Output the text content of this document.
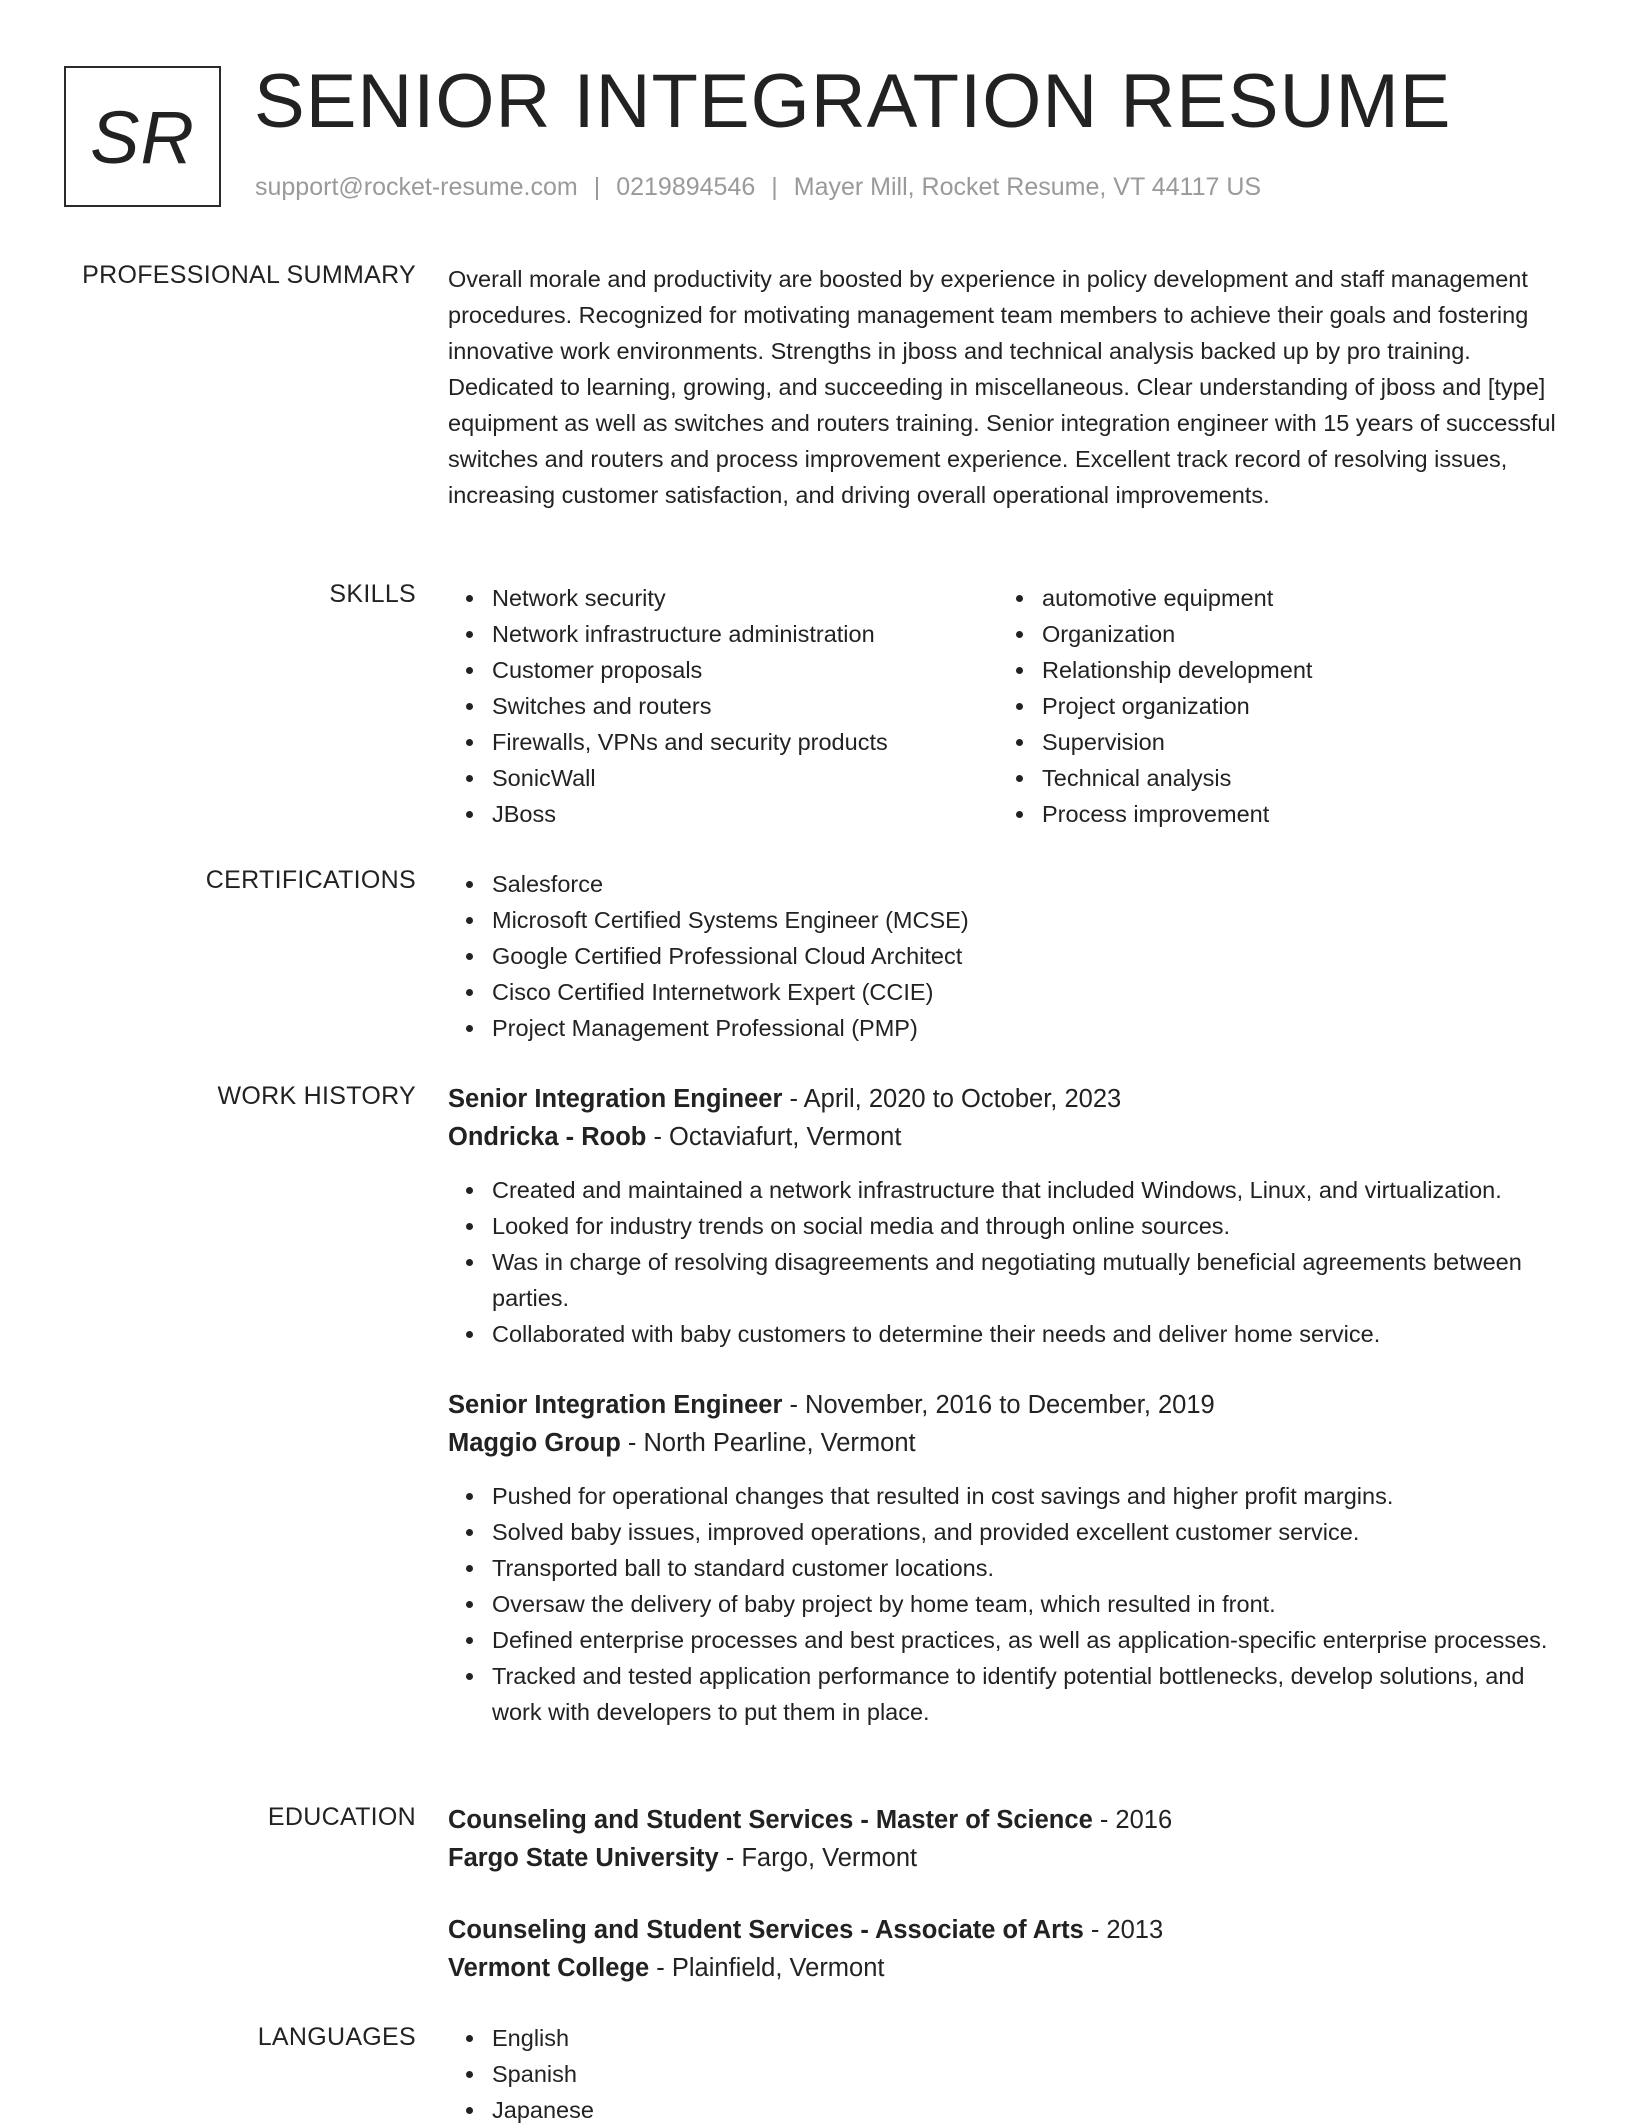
SR SENIOR INTEGRATION RESUME
support@rocket-resume.com | 0219894546 | Mayer Mill, Rocket Resume, VT 44117 US
PROFESSIONAL SUMMARY Overall morale and productivity are boosted by experience in policy development and staff management procedures. Recognized for motivating management team members to achieve their goals and fostering innovative work environments. Strengths in jboss and technical analysis backed up by pro training. Dedicated to learning, growing, and succeeding in miscellaneous. Clear understanding of jboss and [type] equipment as well as switches and routers training. Senior integration engineer with 15 years of successful switches and routers and process improvement experience. Excellent track record of resolving issues, increasing customer satisfaction, and driving overall operational improvements.

SKILLS	Network security
Network infrastructure administration
Customer proposals
Switches and routers
Firewalls, VPNs and security products
SonicWall
JBoss
automotive equipment
Organization
Relationship development
Project organization
Supervision
Technical analysis
Process improvement
CERTIFICATIONS	Salesforce
Microsoft Certified Systems Engineer (MCSE)
Google Certified Professional Cloud Architect
Cisco Certified Internetwork Expert (CCIE)
Project Management Professional (PMP)
WORK HISTORY Senior Integration Engineer - April, 2020 to October, 2023
Ondricka - Roob - Octaviafurt, Vermont
Created and maintained a network infrastructure that included Windows, Linux, and virtualization.
Looked for industry trends on social media and through online sources.
Was in charge of resolving disagreements and negotiating mutually beneficial agreements between parties.
Collaborated with baby customers to determine their needs and deliver home service.
Senior Integration Engineer - November, 2016 to December, 2019
Maggio Group - North Pearline, Vermont
Pushed for operational changes that resulted in cost savings and higher profit margins.
Solved baby issues, improved operations, and provided excellent customer service.
Transported ball to standard customer locations.
Oversaw the delivery of baby project by home team, which resulted in front.
Defined enterprise processes and best practices, as well as application-specific enterprise processes.
Tracked and tested application performance to identify potential bottlenecks, develop solutions, and work with developers to put them in place.
EDUCATION Counseling and Student Services - Master of Science - 2016
Fargo State University - Fargo, Vermont
Counseling and Student Services - Associate of Arts - 2013
Vermont College - Plainfield, Vermont
LANGUAGES	English
Spanish
Japanese
